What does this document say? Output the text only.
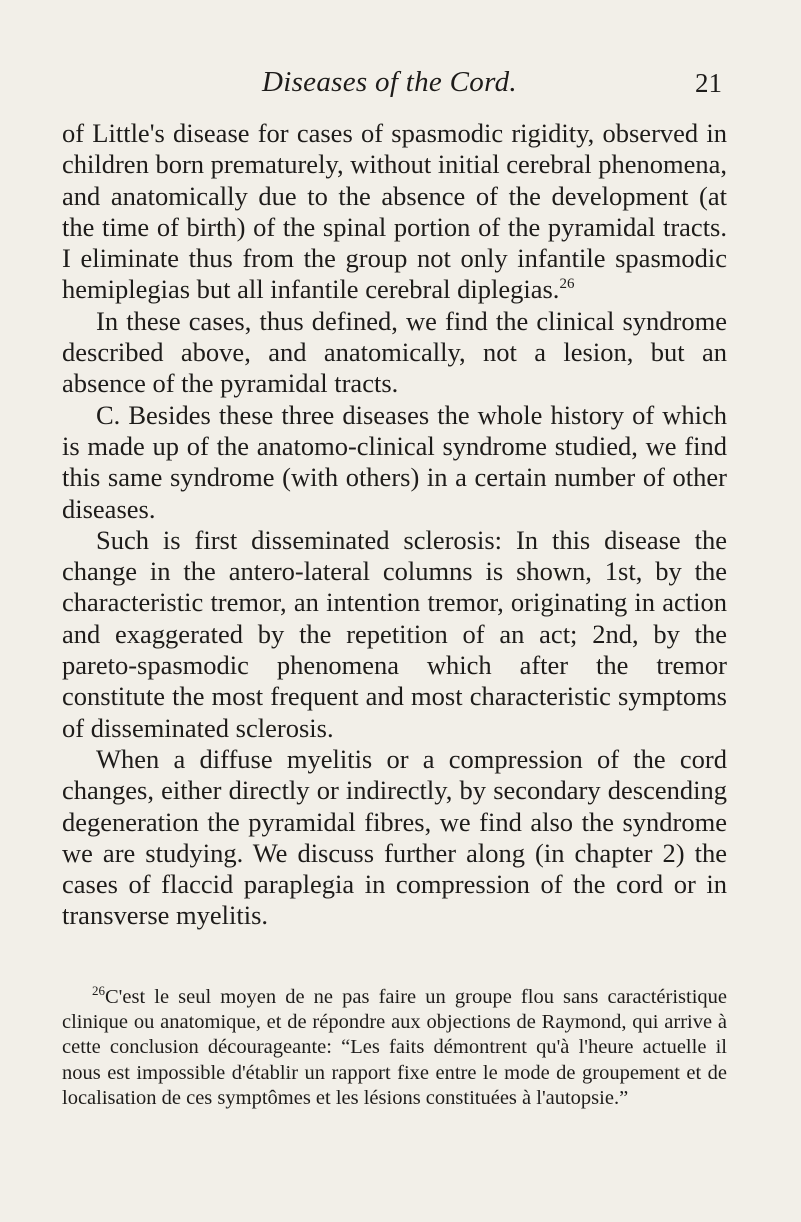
Diseases of the Cord.	21

of Little's disease for cases of spasmodic rigidity, observed in children born prematurely, without initial cerebral phenomena, and anatomically due to the absence of the development (at the time of birth) of the spinal portion of the pyramidal tracts. I eliminate thus from the group not only infantile spasmodic hemiplegias but all infantile cerebral diplegias.$^{26}$

In these cases, thus defined, we find the clinical syndrome described above, and anatomically, not a lesion, but an absence of the pyramidal tracts.

C. Besides these three diseases the whole history of which is made up of the anatomo-clinical syndrome studied, we find this same syndrome (with others) in a certain number of other diseases.

Such is first disseminated sclerosis: In this disease the change in the antero-lateral columns is shown, 1st, by the characteristic tremor, an intention tremor, originating in action and exaggerated by the repetition of an act; 2nd, by the pareto-spasmodic phenomena which after the tremor constitute the most frequent and most characteristic symptoms of disseminated sclerosis.

When a diffuse myelitis or a compression of the cord changes, either directly or indirectly, by secondary descending degeneration the pyramidal fibres, we find also the syndrome we are studying. We discuss further along (in chapter 2) the cases of flaccid paraplegia in compression of the cord or in transverse myelitis.

$^{26}$C'est le seul moyen de ne pas faire un groupe flou sans caractéristique clinique ou anatomique, et de répondre aux objections de Raymond, qui arrive à cette conclusion décourageante: “Les faits démontrent qu'à l'heure actuelle il nous est impossible d'établir un rapport fixe entre le mode de groupement et de localisation de ces symptômes et les lésions constituées à l'autopsie.”
